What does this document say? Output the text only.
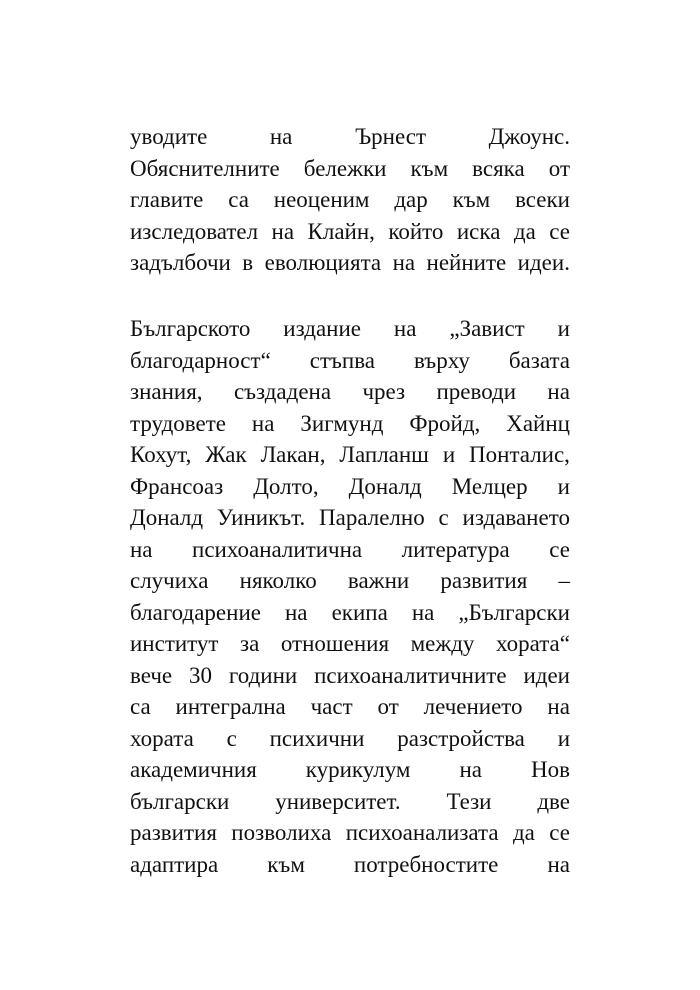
уводите	на	Ърнест	Джоунс.
Обяснителните бележки към всяка от
главите са неоценим дар към всеки
изследовател на Клайн, който иска да се
задълбочи в еволюцията на нейните идеи.
Българското издание на „Завист и
благодарност“ стъпва върху базата
знания, създадена чрез преводи на
трудовете на Зигмунд Фройд, Хайнц
Кохут, Жак Лакан, Лапланш и Понталис,
Франсоаз Долто, Доналд Мелцер и
Доналд Уиникът. Паралелно с издаването
на психоаналитична литература се
случиха няколко важни развития –
благодарение на екипа на „Български
институт за отношения между хората“
вече 30 години психоаналитичните идеи
са интегрална част от лечението на
хората с психични разстройства и
академичния курикулум на Нов
български университет. Тези две
развития позволиха психоанализата да се
адаптира към потребностите на
